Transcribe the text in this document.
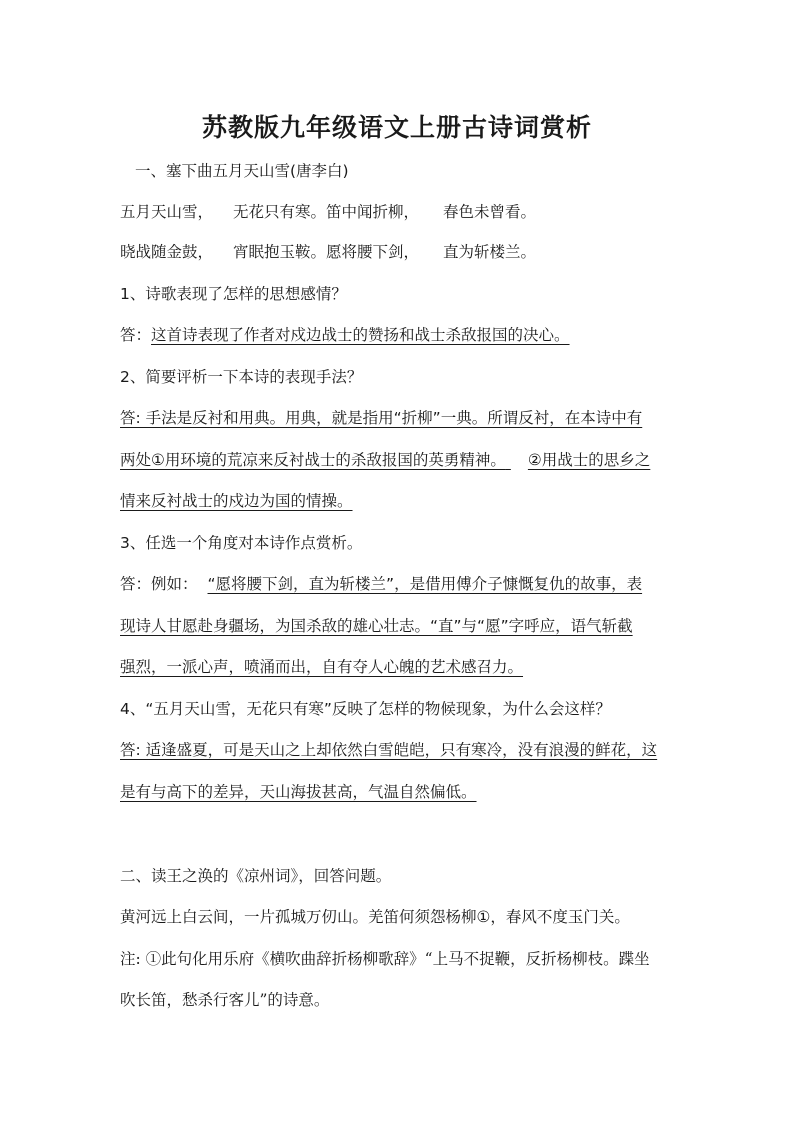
苏教版九年级语文上册古诗词赏析
一、塞下曲五月天山雪(唐李白)
五月天山雪， 无花只有寒。笛中闻折柳， 春色未曾看。
晓战随金鼓， 宵眠抱玉鞍。愿将腰下剑， 直为斩楼兰。
1、诗歌表现了怎样的思想感情？
答：这首诗表现了作者对戍边战士的赞扬和战士杀敌报国的决心。
2、简要评析一下本诗的表现手法？
答: 手法是反衬和用典。用典，就是指用“折柳”一典。所谓反衬，在本诗中有
两处①用环境的荒凉来反衬战士的杀敌报国的英勇精神。 ②用战士的思乡之
情来反衬战士的戍边为国的情操。
3、任选一个角度对本诗作点赏析。
答：例如： “愿将腰下剑，直为斩楼兰”，是借用傅介子慷慨复仇的故事，表
现诗人甘愿赴身疆场，为国杀敌的雄心壮志。“直”与“愿”字呼应，语气斩截
强烈，一派心声，喷涌而出，自有夺人心魄的艺术感召力。
4、“五月天山雪，无花只有寒”反映了怎样的物候现象，为什么会这样？
答: 适逢盛夏，可是天山之上却依然白雪皑皑，只有寒冷，没有浪漫的鲜花，这
是有与高下的差异，天山海拔甚高，气温自然偏低。
二、读王之涣的《凉州词》，回答问题。
黄河远上白云间，一片孤城万仞山。羌笛何须怨杨柳①，春风不度玉门关。
注: ①此句化用乐府《横吹曲辞折杨柳歌辞》“上马不捉鞭，反折杨柳枝。蹀坐
吹长笛，愁杀行客儿”的诗意。
